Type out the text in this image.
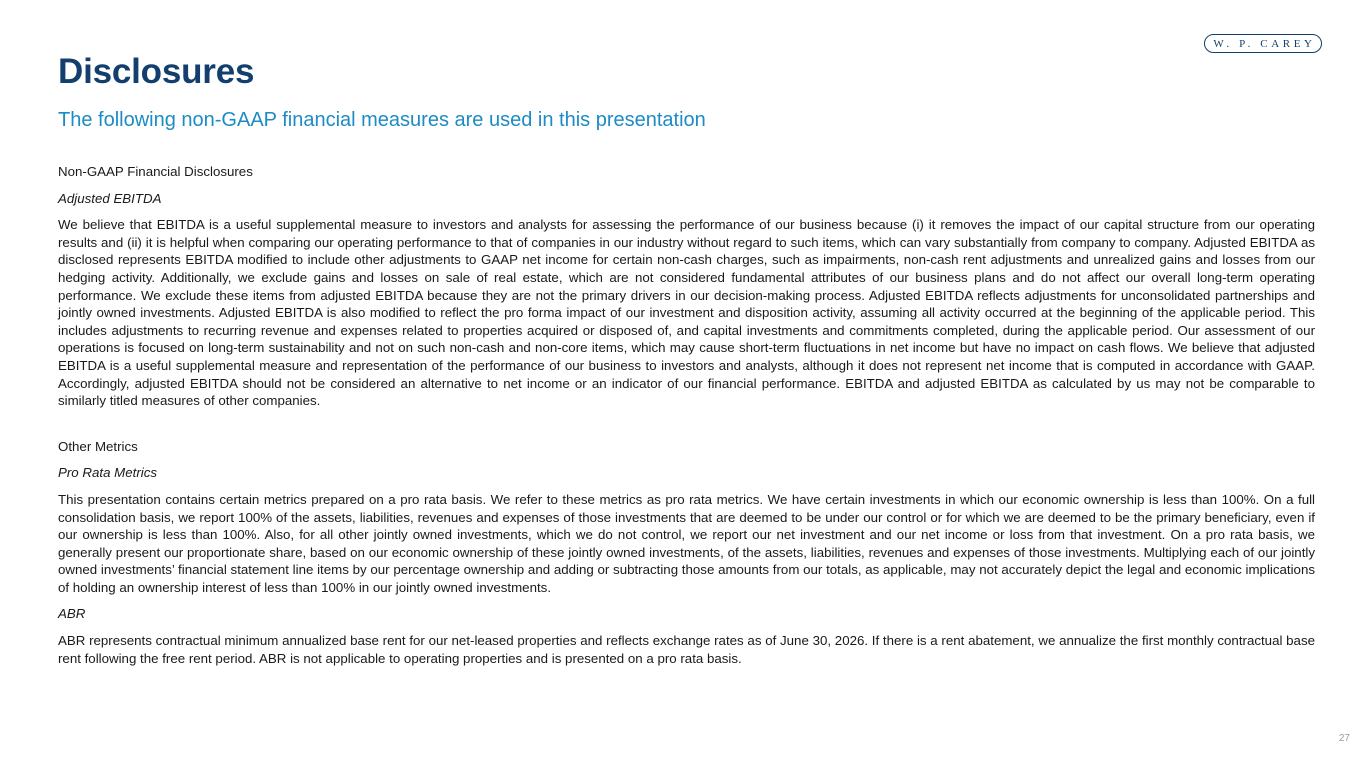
Disclosures
The following non-GAAP financial measures are used in this presentation
W. P. CAREY

Non-GAAP Financial Disclosures

Adjusted EBITDA

We believe that EBITDA is a useful supplemental measure to investors and analysts for assessing the performance of our business because (i) it removes the impact of our capital structure from our operating results and (ii) it is helpful when comparing our operating performance to that of companies in our industry without regard to such items, which can vary substantially from company to company. Adjusted EBITDA as disclosed represents EBITDA modified to include other adjustments to GAAP net income for certain non-cash charges, such as impairments, non-cash rent adjustments and unrealized gains and losses from our hedging activity. Additionally, we exclude gains and losses on sale of real estate, which are not considered fundamental attributes of our business plans and do not affect our overall long-term operating performance. We exclude these items from adjusted EBITDA because they are not the primary drivers in our decision-making process. Adjusted EBITDA reflects adjustments for unconsolidated partnerships and jointly owned investments. Adjusted EBITDA is also modified to reflect the pro forma impact of our investment and disposition activity, assuming all activity occurred at the beginning of the applicable period. This includes adjustments to recurring revenue and expenses related to properties acquired or disposed of, and capital investments and commitments completed, during the applicable period. Our assessment of our operations is focused on long-term sustainability and not on such non-cash and non-core items, which may cause short-term fluctuations in net income but have no impact on cash flows. We believe that adjusted EBITDA is a useful supplemental measure and representation of the performance of our business to investors and analysts, although it does not represent net income that is computed in accordance with GAAP. Accordingly, adjusted EBITDA should not be considered an alternative to net income or an indicator of our financial performance. EBITDA and adjusted EBITDA as calculated by us may not be comparable to similarly titled measures of other companies.

Other Metrics

Pro Rata Metrics

This presentation contains certain metrics prepared on a pro rata basis. We refer to these metrics as pro rata metrics. We have certain investments in which our economic ownership is less than 100%. On a full consolidation basis, we report 100% of the assets, liabilities, revenues and expenses of those investments that are deemed to be under our control or for which we are deemed to be the primary beneficiary, even if our ownership is less than 100%. Also, for all other jointly owned investments, which we do not control, we report our net investment and our net income or loss from that investment. On a pro rata basis, we generally present our proportionate share, based on our economic ownership of these jointly owned investments, of the assets, liabilities, revenues and expenses of those investments. Multiplying each of our jointly owned investments’ financial statement line items by our percentage ownership and adding or subtracting those amounts from our totals, as applicable, may not accurately depict the legal and economic implications of holding an ownership interest of less than 100% in our jointly owned investments.

ABR

ABR represents contractual minimum annualized base rent for our net-leased properties and reflects exchange rates as of June 30, 2026. If there is a rent abatement, we annualize the first monthly contractual base rent following the free rent period. ABR is not applicable to operating properties and is presented on a pro rata basis.

27
